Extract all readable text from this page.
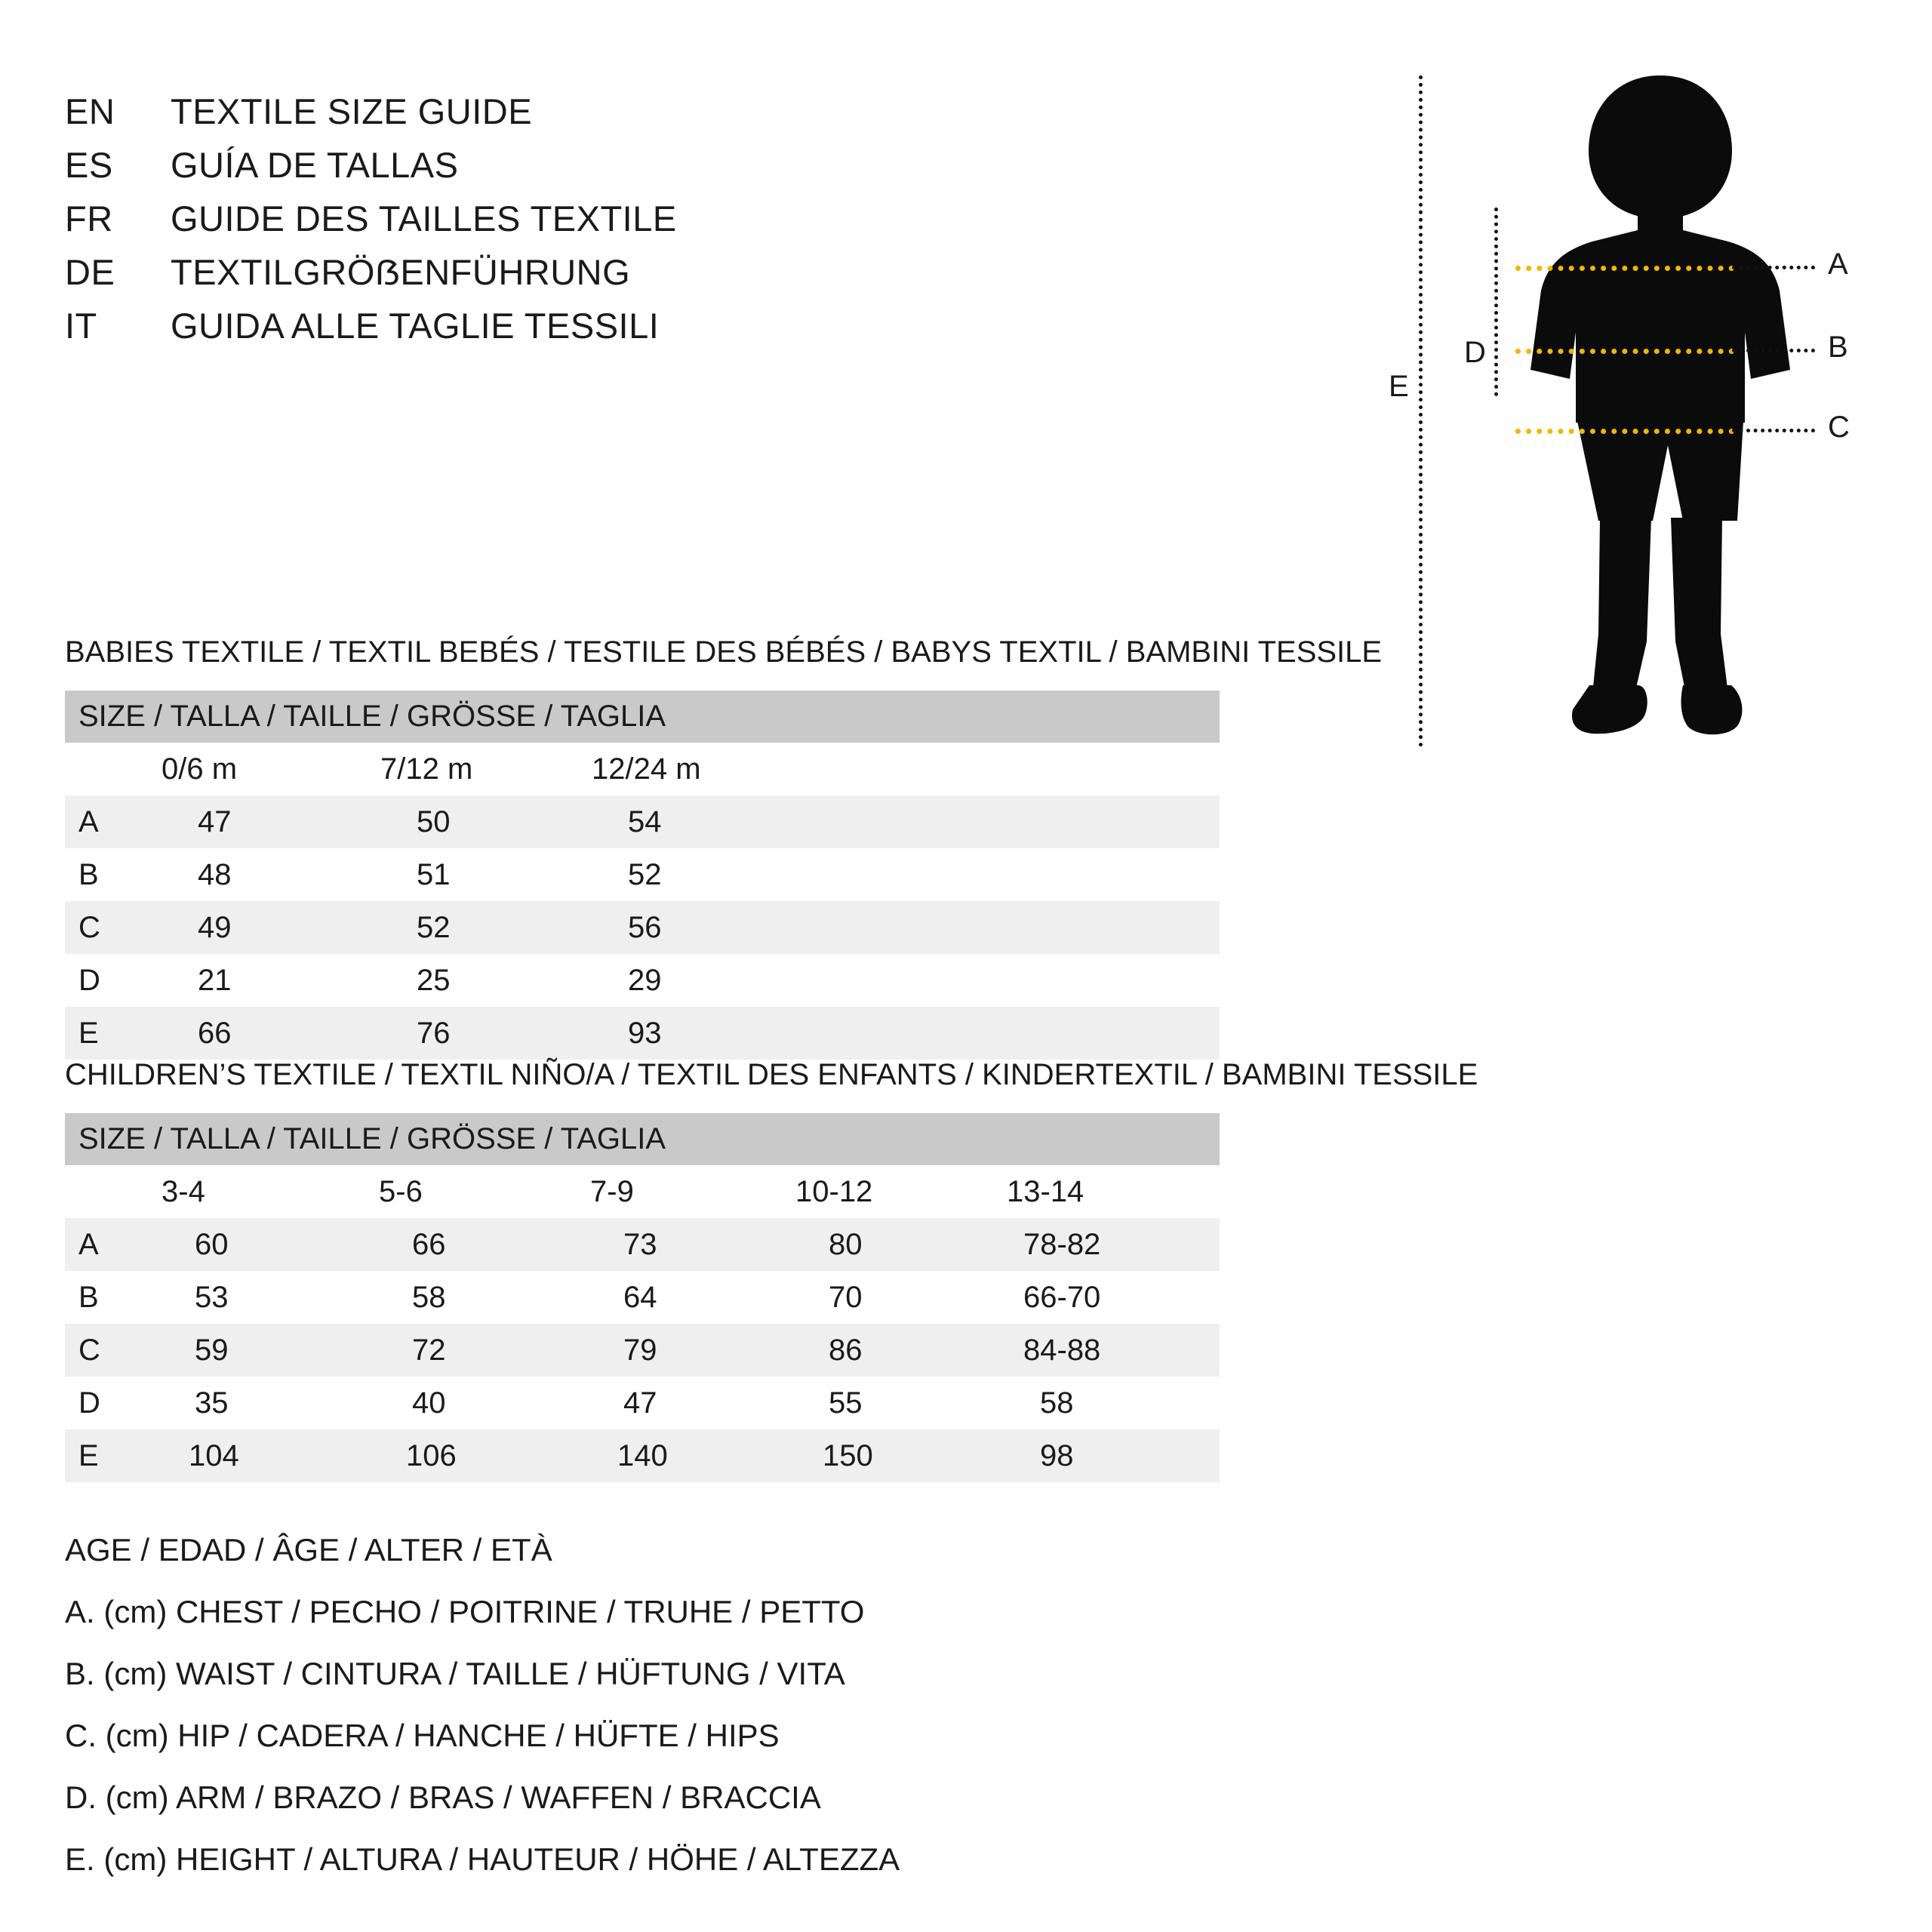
EN	TEXTILE SIZE GUIDE
ES	GUÍA DE TALLAS
FR	GUIDE DES TAILLES TEXTILE
DE	TEXTILGRÖẞENFÜHRUNG
IT	GUIDA ALLE TAGLIE TESSILI
E
D
A
B
C
BABIES TEXTILE / TEXTIL BEBÉS / TESTILE DES BÉBÉS / BABYS TEXTIL / BAMBINI TESSILE
SIZE / TALLA / TAILLE / GRÖSSE / TAGLIA			
	0/6 m	7/12 m	12/24 m
A	47	50	54
B	48	51	52
C	49	52	56
D	21	25	29
E	66	76	93
CHILDREN’S TEXTILE / TEXTIL NIÑO/A / TEXTIL DES ENFANTS / KINDERTEXTIL / BAMBINI TESSILE
SIZE / TALLA / TAILLE / GRÖSSE / TAGLIA					
	3-4	5-6	7-9	10-12	13-14
A	60	66	73	80	78-82
B	53	58	64	70	66-70
C	59	72	79	86	84-88
D	35	40	47	55	58
E	104	106	140	150	98
AGE / EDAD / ÂGE / ALTER / ETÀ
A. (cm) CHEST / PECHO / POITRINE / TRUHE / PETTO
B. (cm) WAIST / CINTURA / TAILLE / HÜFTUNG / VITA
C. (cm) HIP / CADERA / HANCHE / HÜFTE / HIPS
D. (cm) ARM / BRAZO / BRAS / WAFFEN / BRACCIA
E. (cm) HEIGHT / ALTURA / HAUTEUR / HÖHE / ALTEZZA
